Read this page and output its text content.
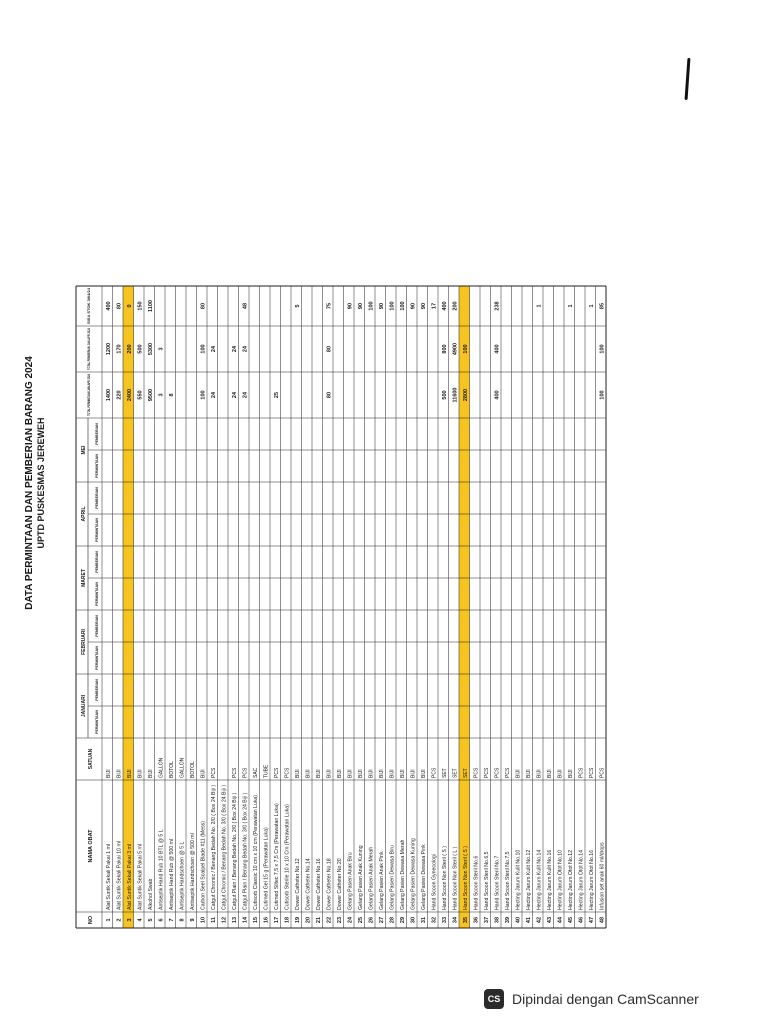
DATA PERMINTAAN DAN PEMBERIAN BARANG 2024 UPTD PUSKESMAS JEREWEH
NO
NAMA OBAT
SATUAN
JANUARI
PERMINTAAN
PEMBERIAN
FEBRUARI
PERMINTAAN
PEMBERIAN
MARET
PERMINTAAN
PEMBERIAN
APRIL
PERMINTAAN
PEMBERIAN
MEI
PERMINTAAN
PEMBERIAN
TOTAL PERMINTAAN JAN-APR 2024
TOTAL PEMBERIAN JAN-APR 2024
SISA STOK 30/4/24
1
Alat Suntik Sekali Pakai 1 ml
BIJI
1400
1200
400
2
Alat Suntik Sekali Pakai 10 ml
BIJI
220
170
80
3
Alat Suntik Sekali Pakai 3 ml
BIJI
2400
200
0
4
Alat Suntik Sekali Pakai 5 ml
BIJI
550
500
150
5
Alkohol Swab
BIJI
9500
5300
1100
6
Antiseptik Hand Rub 10 BTL @ 5 L
GALLON
3
3
7
Antiseptik Hand Rub @ 500 ml
BOTOL
8
8
Antiseptik Handschoen @ 5 L
GALLON
9
Antiseptik Handschoen @ 500 ml
BOTOL
10
Carbon Seel Scalpel Blade #11 (Mess)
BIJI
100
100
80
11
Catgut Chromic / Benang Bedah No. 2/0 ( Box 24 Biji )
PCS
24
24
12
Catgut Chromic / Benang Bedah No. 3/0 ( Box 24 Biji )
13
Catgut Plain / Benang Bedah No. 2/0 ( Box 24 Biji )
PCS
24
24
14
Catgut Plain / Benang Bedah No. 3/0 ( Box 24 Biji )
PCS
24
24
48
15
Cutisorb Classic 10 cm x 10 cm (Perawatan Luka)
SAC
16
Cutimed Gel 15 g (Perawatan Luka)
TUBE
17
Cutimed Siltec 7,5 x 7,5 Cm (Perawatan Luka)
PCS
25
18
Cutisorb Sterile 10 x 10 Cm (Perawatan Luka)
PCS
19
Dower Catheter No.12
BIJI
5
20
Dower Catheter No.14
BIJI
21
Dower Catheter No.16
BIJI
22
Dower Catheter No.18
BIJI
80
80
75
23
Dower Catheter No.20
BIJI
24
Gelang Pasien Anak Biru
BIJI
90
25
Gelang Pasien Anak Kuning
BIJI
90
26
Gelang Pasien Anak Merah
BIJI
100
27
Gelang Pasien Anak Pink
BIJI
90
28
Gelang Pasien Dewasa Biru
BIJI
100
29
Gelang Pasien Dewasa Merah
BIJI
100
30
Gelang Pasien Dewasa Kuning
BIJI
90
31
Gelang Pasien Dewasa Pink
BIJI
90
32
Hand Scoon Gynecologi
PCS
17
33
Hand Scoon Non Steril ( S )
SET
500
800
400
34
Hand Scoon Non Steril ( L )
SET
11600
4900
200
35
Hand Scoon Non Steril ( S )
SET
2800
100
36
Hand Scoon Steril No.6
PCS
37
Hand Scoon Steril No.6,5
PCS
38
Hand Scoon Steril No.7
PCS
400
400
238
39
Hand Scoon Steril No.7,5
PCS
40
Hecting Jarum Kulit No.10
BIJI
41
Hecting Jarum Kulit No.12
BIJI
42
Hecting Jarum Kulit No.14
BIJI
1
43
Hecting Jarum Kulit No.16
BIJI
44
Hecting Jarum Otot No.10
BIJI
45
Hecting Jarum Otot No.12
BIJI
1
46
Hecting Jarum Otot No.14
PCS
47
Hecting Jarum Otot No.16
PCS
1
48
Infusion set anak 60 ml/drops
PCS
100
100
85
CS Dipindai dengan CamScanner
